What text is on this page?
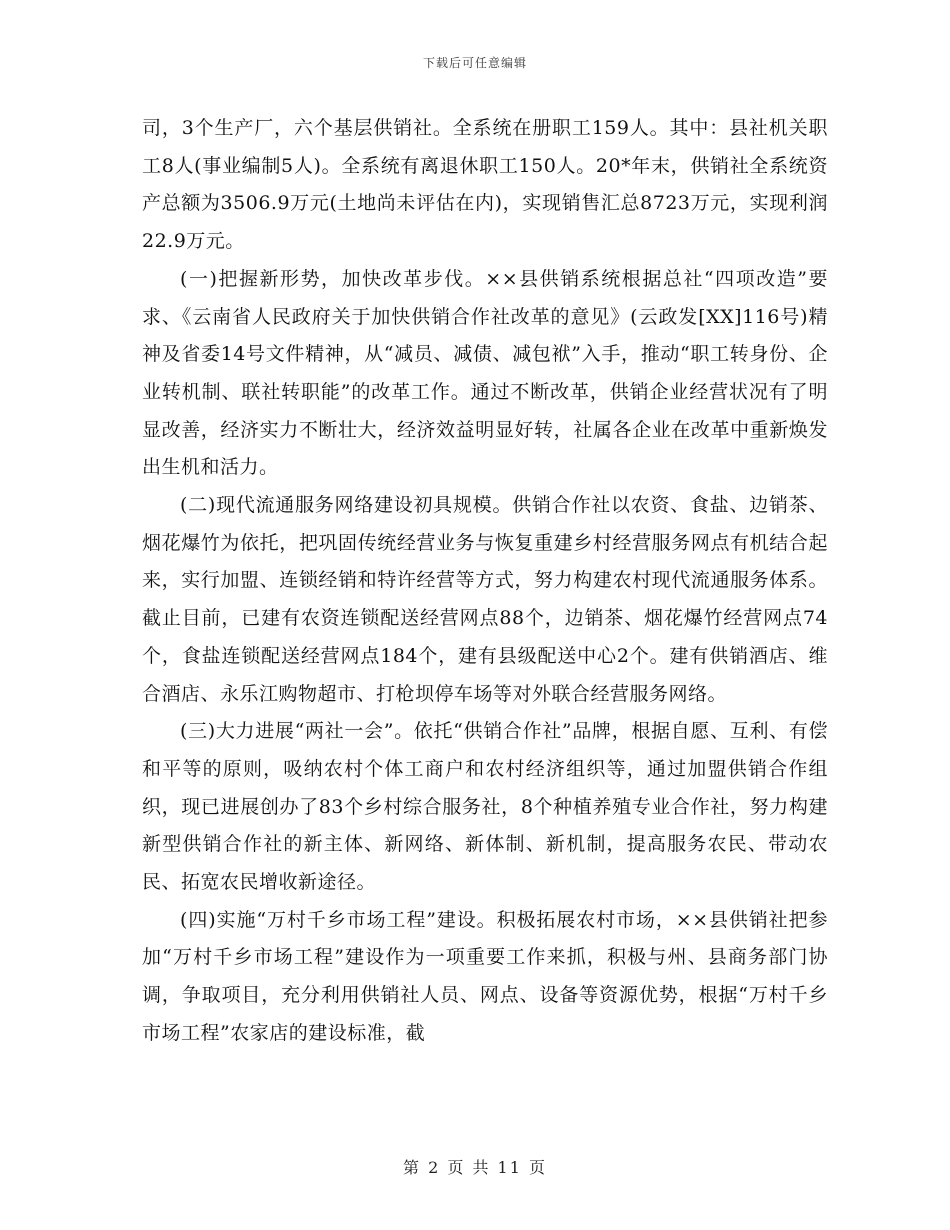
下载后可任意编辑

司，3个生产厂，六个基层供销社。全系统在册职工159人。其中：县社机关职工8人(事业编制5人)。全系统有离退休职工150人。20*年末，供销社全系统资产总额为3506.9万元(土地尚未评估在内)，实现销售汇总8723万元，实现利润22.9万元。

(一)把握新形势，加快改革步伐。××县供销系统根据总社“四项改造”要求、《云南省人民政府关于加快供销合作社改革的意见》(云政发[XX]116号)精神及省委14号文件精神，从“减员、减债、减包袱”入手，推动“职工转身份、企业转机制、联社转职能”的改革工作。通过不断改革，供销企业经营状况有了明显改善，经济实力不断壮大，经济效益明显好转，社属各企业在改革中重新焕发出生机和活力。

(二)现代流通服务网络建设初具规模。供销合作社以农资、食盐、边销茶、烟花爆竹为依托，把巩固传统经营业务与恢复重建乡村经营服务网点有机结合起来，实行加盟、连锁经销和特许经营等方式，努力构建农村现代流通服务体系。截止目前，已建有农资连锁配送经营网点88个，边销茶、烟花爆竹经营网点74个，食盐连锁配送经营网点184个，建有县级配送中心2个。建有供销酒店、维合酒店、永乐江购物超市、打枪坝停车场等对外联合经营服务网络。

(三)大力进展“两社一会”。依托“供销合作社”品牌，根据自愿、互利、有偿和平等的原则，吸纳农村个体工商户和农村经济组织等，通过加盟供销合作组织，现已进展创办了83个乡村综合服务社，8个种植养殖专业合作社，努力构建新型供销合作社的新主体、新网络、新体制、新机制，提高服务农民、带动农民、拓宽农民增收新途径。

(四)实施“万村千乡市场工程”建设。积极拓展农村市场，××县供销社把参加“万村千乡市场工程”建设作为一项重要工作来抓，积极与州、县商务部门协调，争取项目，充分利用供销社人员、网点、设备等资源优势，根据“万村千乡市场工程”农家店的建设标准，截

第 2 页 共 11 页
